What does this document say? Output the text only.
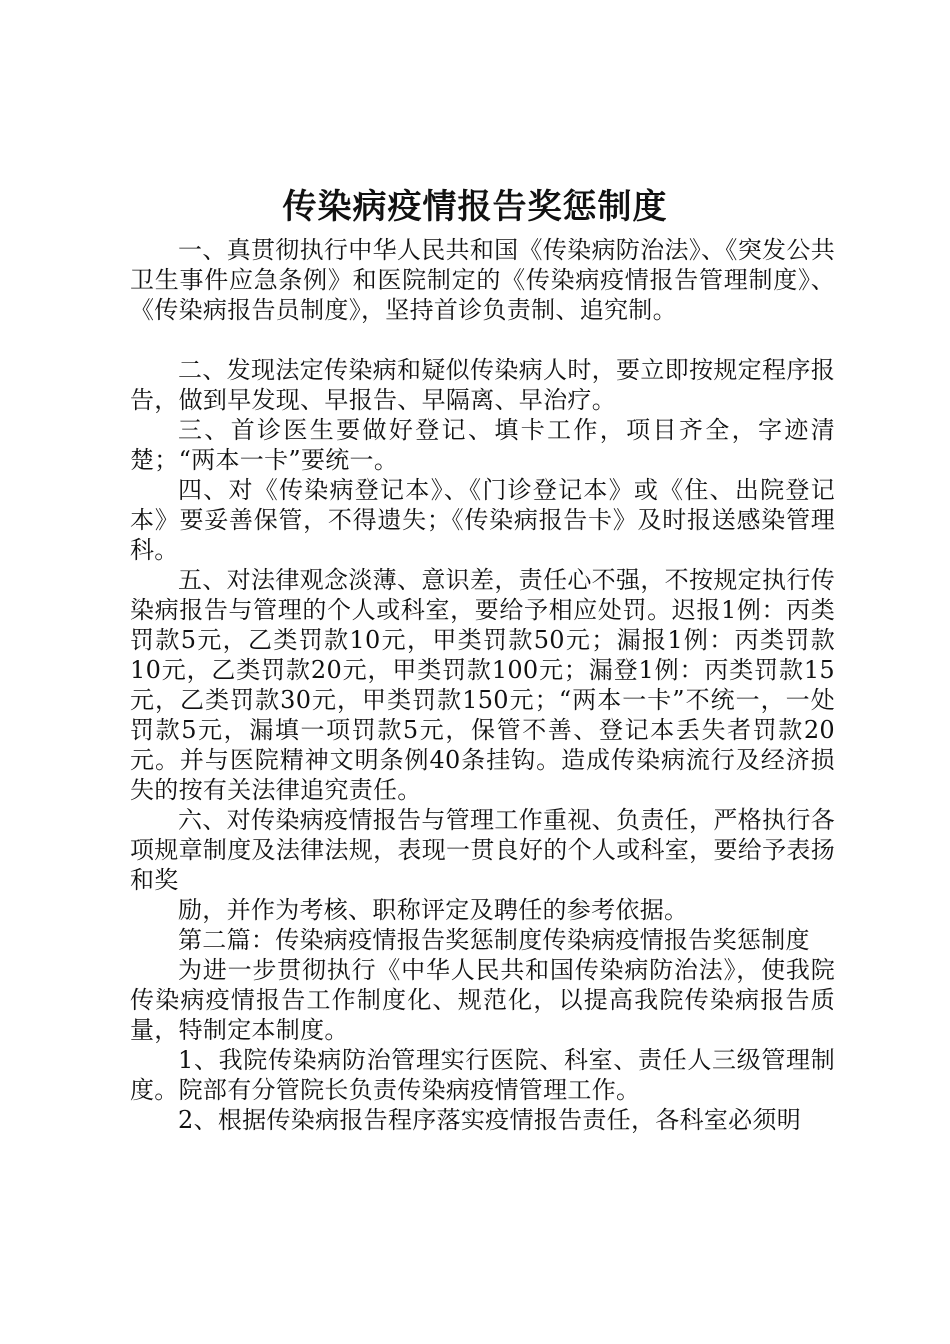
传染病疫情报告奖惩制度

一、真贯彻执行中华人民共和国《传染病防治法》、《突发公共卫生事件应急条例》和医院制定的《传染病疫情报告管理制度》、《传染病报告员制度》，坚持首诊负责制、追究制。

二、发现法定传染病和疑似传染病人时，要立即按规定程序报告，做到早发现、早报告、早隔离、早治疗。

三、首诊医生要做好登记、填卡工作，项目齐全，字迹清楚；“两本一卡”要统一。

四、对《传染病登记本》、《门诊登记本》或《住、出院登记本》要妥善保管，不得遗失；《传染病报告卡》及时报送感染管理科。

五、对法律观念淡薄、意识差，责任心不强，不按规定执行传染病报告与管理的个人或科室，要给予相应处罚。迟报1例：丙类罚款5元，乙类罚款10元，甲类罚款50元；漏报1例：丙类罚款10元，乙类罚款20元，甲类罚款100元；漏登1例：丙类罚款15元，乙类罚款30元，甲类罚款150元；“两本一卡”不统一，一处罚款5元，漏填一项罚款5元，保管不善、登记本丢失者罚款20元。并与医院精神文明条例40条挂钩。造成传染病流行及经济损失的按有关法律追究责任。

六、对传染病疫情报告与管理工作重视、负责任，严格执行各项规章制度及法律法规，表现一贯良好的个人或科室，要给予表扬和奖

励，并作为考核、职称评定及聘任的参考依据。

第二篇：传染病疫情报告奖惩制度传染病疫情报告奖惩制度

为进一步贯彻执行《中华人民共和国传染病防治法》，使我院传染病疫情报告工作制度化、规范化，以提高我院传染病报告质量，特制定本制度。

1、我院传染病防治管理实行医院、科室、责任人三级管理制度。院部有分管院长负责传染病疫情管理工作。

2、根据传染病报告程序落实疫情报告责任，各科室必须明
